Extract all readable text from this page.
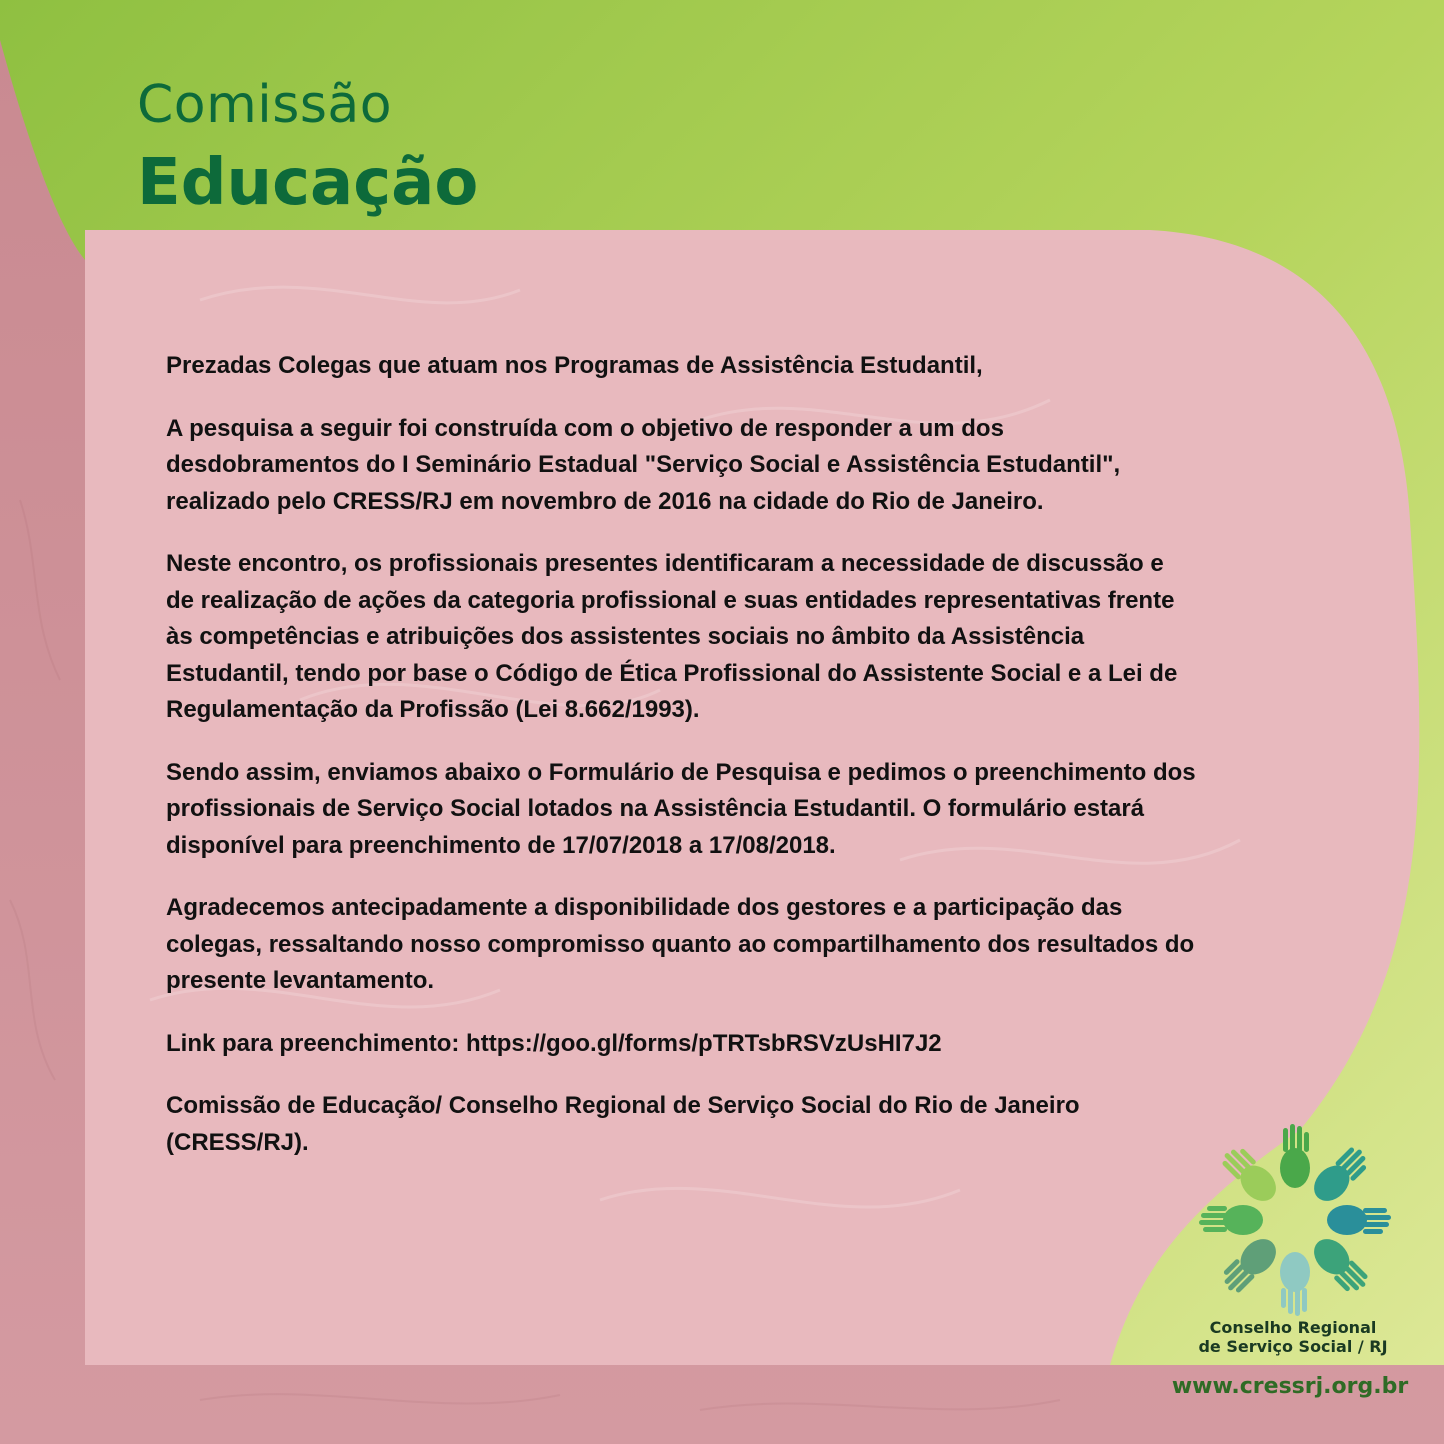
Comissão
Educação

Prezadas Colegas que atuam nos Programas de Assistência Estudantil,

A pesquisa a seguir foi construída com o objetivo de responder a um dos desdobramentos do I Seminário Estadual "Serviço Social e Assistência Estudantil", realizado pelo CRESS/RJ em novembro de 2016 na cidade do Rio de Janeiro.

Neste encontro, os profissionais presentes identificaram a necessidade de discussão e de realização de ações da categoria profissional e suas entidades representativas frente às competências e atribuições dos assistentes sociais no âmbito da Assistência Estudantil, tendo por base o Código de Ética Profissional do Assistente Social e a Lei de Regulamentação da Profissão (Lei 8.662/1993).

Sendo assim, enviamos abaixo o Formulário de Pesquisa e pedimos o preenchimento dos profissionais de Serviço Social lotados na Assistência Estudantil. O formulário estará disponível para preenchimento de 17/07/2018 a 17/08/2018.

Agradecemos antecipadamente a disponibilidade dos gestores e a participação das colegas, ressaltando nosso compromisso quanto ao compartilhamento dos resultados do presente levantamento.

Link para preenchimento: https://goo.gl/forms/pTRTsbRSVzUsHI7J2

Comissão de Educação/ Conselho Regional de Serviço Social do Rio de Janeiro (CRESS/RJ).

Conselho Regional
de Serviço Social / RJ
www.cressrj.org.br
